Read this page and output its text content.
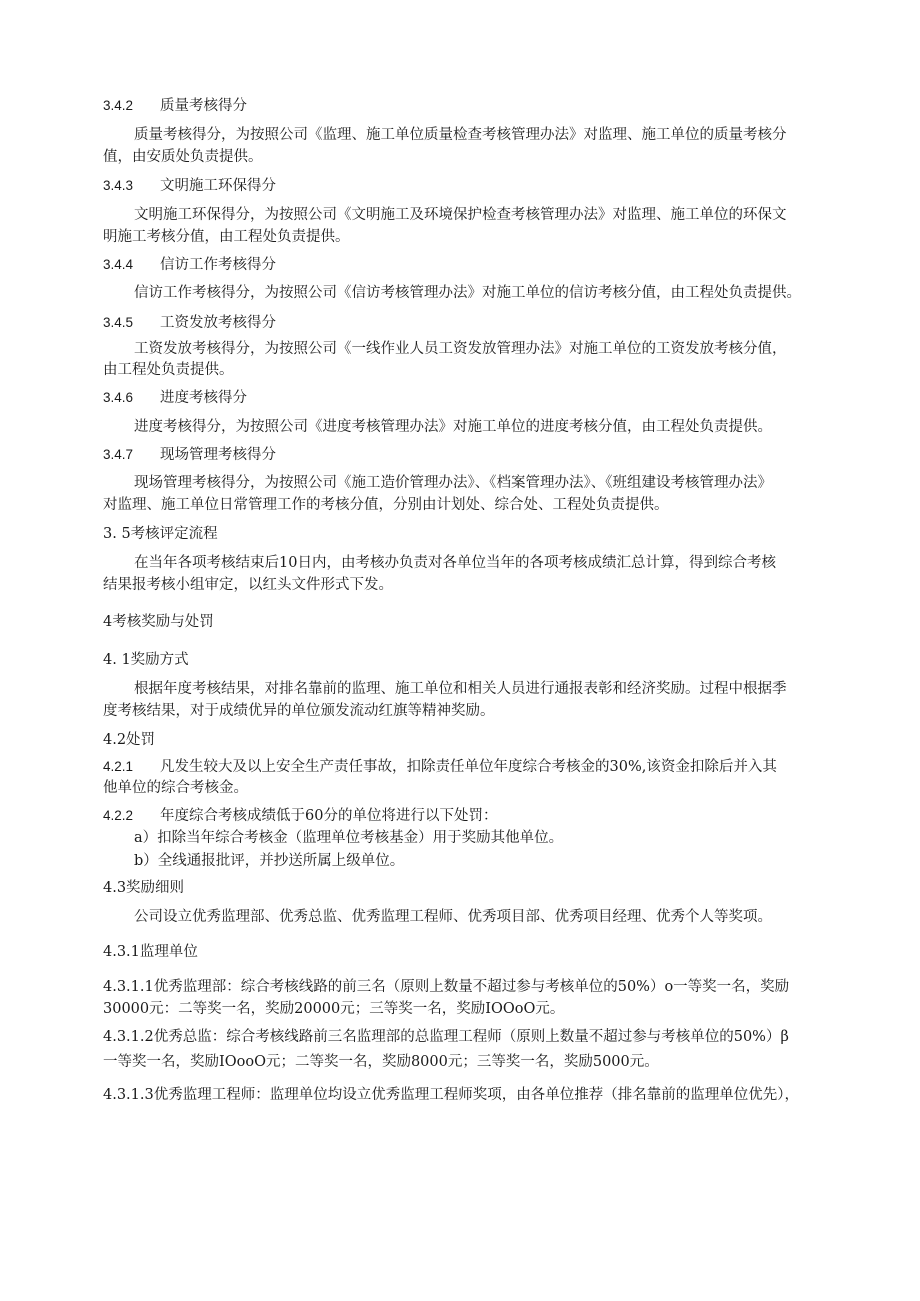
3.4.2 质量考核得分
质量考核得分，为按照公司《监理、施工单位质量检查考核管理办法》对监理、施工单位的质量考核分
值，由安质处负责提供。
3.4.3 文明施工环保得分
文明施工环保得分，为按照公司《文明施工及环境保护检查考核管理办法》对监理、施工单位的环保文
明施工考核分值，由工程处负责提供。
3.4.4 信访工作考核得分
信访工作考核得分，为按照公司《信访考核管理办法》对施工单位的信访考核分值，由工程处负责提供。
3.4.5 工资发放考核得分
工资发放考核得分，为按照公司《一线作业人员工资发放管理办法》对施工单位的工资发放考核分值，
由工程处负责提供。
3.4.6 进度考核得分
进度考核得分，为按照公司《进度考核管理办法》对施工单位的进度考核分值，由工程处负责提供。
3.4.7 现场管理考核得分
现场管理考核得分，为按照公司《施工造价管理办法》、《档案管理办法》、《班组建设考核管理办法》
对监理、施工单位日常管理工作的考核分值，分别由计划处、综合处、工程处负责提供。
3. 5考核评定流程
在当年各项考核结束后10日内，由考核办负责对各单位当年的各项考核成绩汇总计算，得到综合考核
结果报考核小组审定，以红头文件形式下发。
4考核奖励与处罚
4. 1奖励方式
根据年度考核结果，对排名靠前的监理、施工单位和相关人员进行通报表彰和经济奖励。过程中根据季
度考核结果，对于成绩优异的单位颁发流动红旗等精神奖励。
4.2处罚
4.2.1 凡发生较大及以上安全生产责任事故，扣除责任单位年度综合考核金的30%,该资金扣除后并入其
他单位的综合考核金。
4.2.2 年度综合考核成绩低于60分的单位将进行以下处罚：
a）扣除当年综合考核金（监理单位考核基金）用于奖励其他单位。
b）全线通报批评，并抄送所属上级单位。
4.3奖励细则
公司设立优秀监理部、优秀总监、优秀监理工程师、优秀项目部、优秀项目经理、优秀个人等奖项。
4.3.1监理单位
4.3.1.1优秀监理部：综合考核线路的前三名（原则上数量不超过参与考核单位的50%）o一等奖一名，奖励
30000元：二等奖一名，奖励20000元；三等奖一名，奖励IOOoO元。
4.3.1.2优秀总监：综合考核线路前三名监理部的总监理工程师（原则上数量不超过参与考核单位的50%）β
一等奖一名，奖励IOooO元；二等奖一名，奖励8000元；三等奖一名，奖励5000元。
4.3.1.3优秀监理工程师：监理单位均设立优秀监理工程师奖项，由各单位推荐（排名靠前的监理单位优先），
